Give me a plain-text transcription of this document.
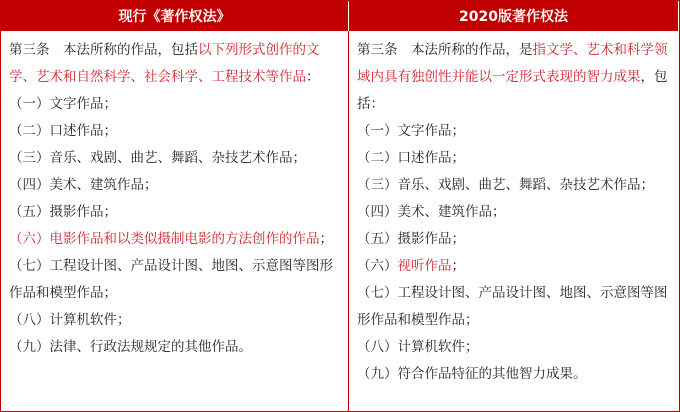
现行《著作权法》	2020版著作权法

第三条　本法所称的作品，包括以下列形式创作的文学、艺术和自然科学、社会科学、工程技术等作品：

（一）文字作品；

（二）口述作品；

（三）音乐、戏剧、曲艺、舞蹈、杂技艺术作品；

（四）美术、建筑作品；

（五）摄影作品；

（六）电影作品和以类似摄制电影的方法创作的作品；

（七）工程设计图、产品设计图、地图、示意图等图形作品和模型作品；

（八）计算机软件；

（九）法律、行政法规规定的其他作品。

第三条　本法所称的作品，是指文学、艺术和科学领域内具有独创性并能以一定形式表现的智力成果，包括：

（一）文字作品；

（二）口述作品；

（三）音乐、戏剧、曲艺、舞蹈、杂技艺术作品；

（四）美术、建筑作品；

（五）摄影作品；

（六）视听作品；

（七）工程设计图、产品设计图、地图、示意图等图形作品和模型作品；

（八）计算机软件；

（九）符合作品特征的其他智力成果。
